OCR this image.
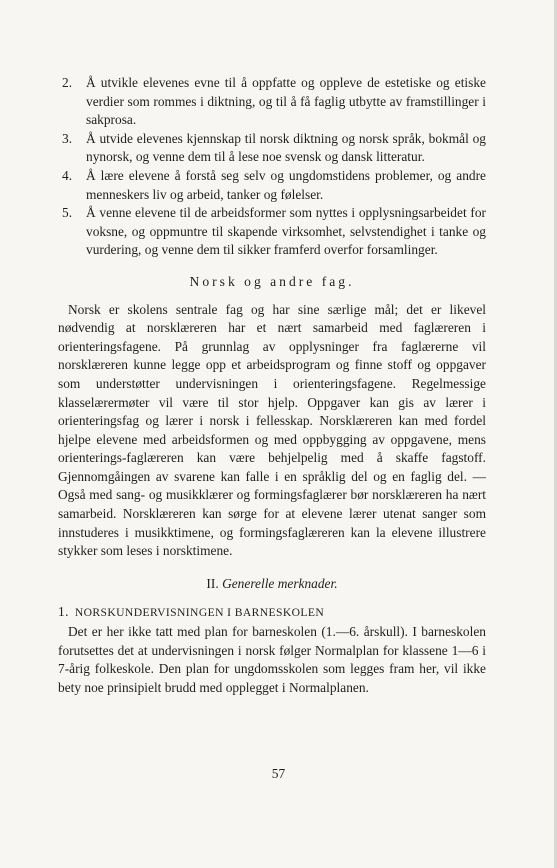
2.	Å utvikle elevenes evne til å oppfatte og oppleve de estetiske og etiske verdier som rommes i diktning, og til å få faglig utbytte av framstillinger i sakprosa.
3.	Å utvide elevenes kjennskap til norsk diktning og norsk språk, bokmål og nynorsk, og venne dem til å lese noe svensk og dansk litteratur.
4.	Å lære elevene å forstå seg selv og ungdomstidens problemer, og andre menneskers liv og arbeid, tanker og følelser.
5.	Å venne elevene til de arbeidsformer som nyttes i opplysningsarbeidet for voksne, og oppmuntre til skapende virksomhet, selvstendighet i tanke og vurdering, og venne dem til sikker framferd overfor forsamlinger.
Norsk og andre fag.

Norsk er skolens sentrale fag og har sine særlige mål; det er likevel nødvendig at norsklæreren har et nært samarbeid med faglæreren i orienteringsfagene. På grunnlag av opplysninger fra faglærerne vil norsklæreren kunne legge opp et arbeidsprogram og finne stoff og oppgaver som understøtter undervisningen i orienteringsfagene. Regelmessige klasselærermøter vil være til stor hjelp. Oppgaver kan gis av lærer i orienteringsfag og lærer i norsk i fellesskap. Norsklæreren kan med fordel hjelpe elevene med arbeidsformen og med oppbygging av oppgavene, mens orienterings-faglæreren kan være behjelpelig med å skaffe fagstoff. Gjennomgåingen av svarene kan falle i en språklig del og en faglig del. — Også med sang- og musikklærer og formingsfaglærer bør norsklæreren ha nært samarbeid. Norsklæreren kan sørge for at elevene lærer utenat sanger som innstuderes i musikktimene, og formingsfaglæreren kan la elevene illustrere stykker som leses i norsktimene.

II. Generelle merknader.
1. NORSKUNDERVISNINGEN I BARNESKOLEN

Det er her ikke tatt med plan for barneskolen (1.—6. årskull). I barneskolen forutsettes det at undervisningen i norsk følger Normalplan for klassene 1—6 i 7-årig folkeskole. Den plan for ungdomsskolen som legges fram her, vil ikke bety noe prinsipielt brudd med opplegget i Normalplanen.

57
